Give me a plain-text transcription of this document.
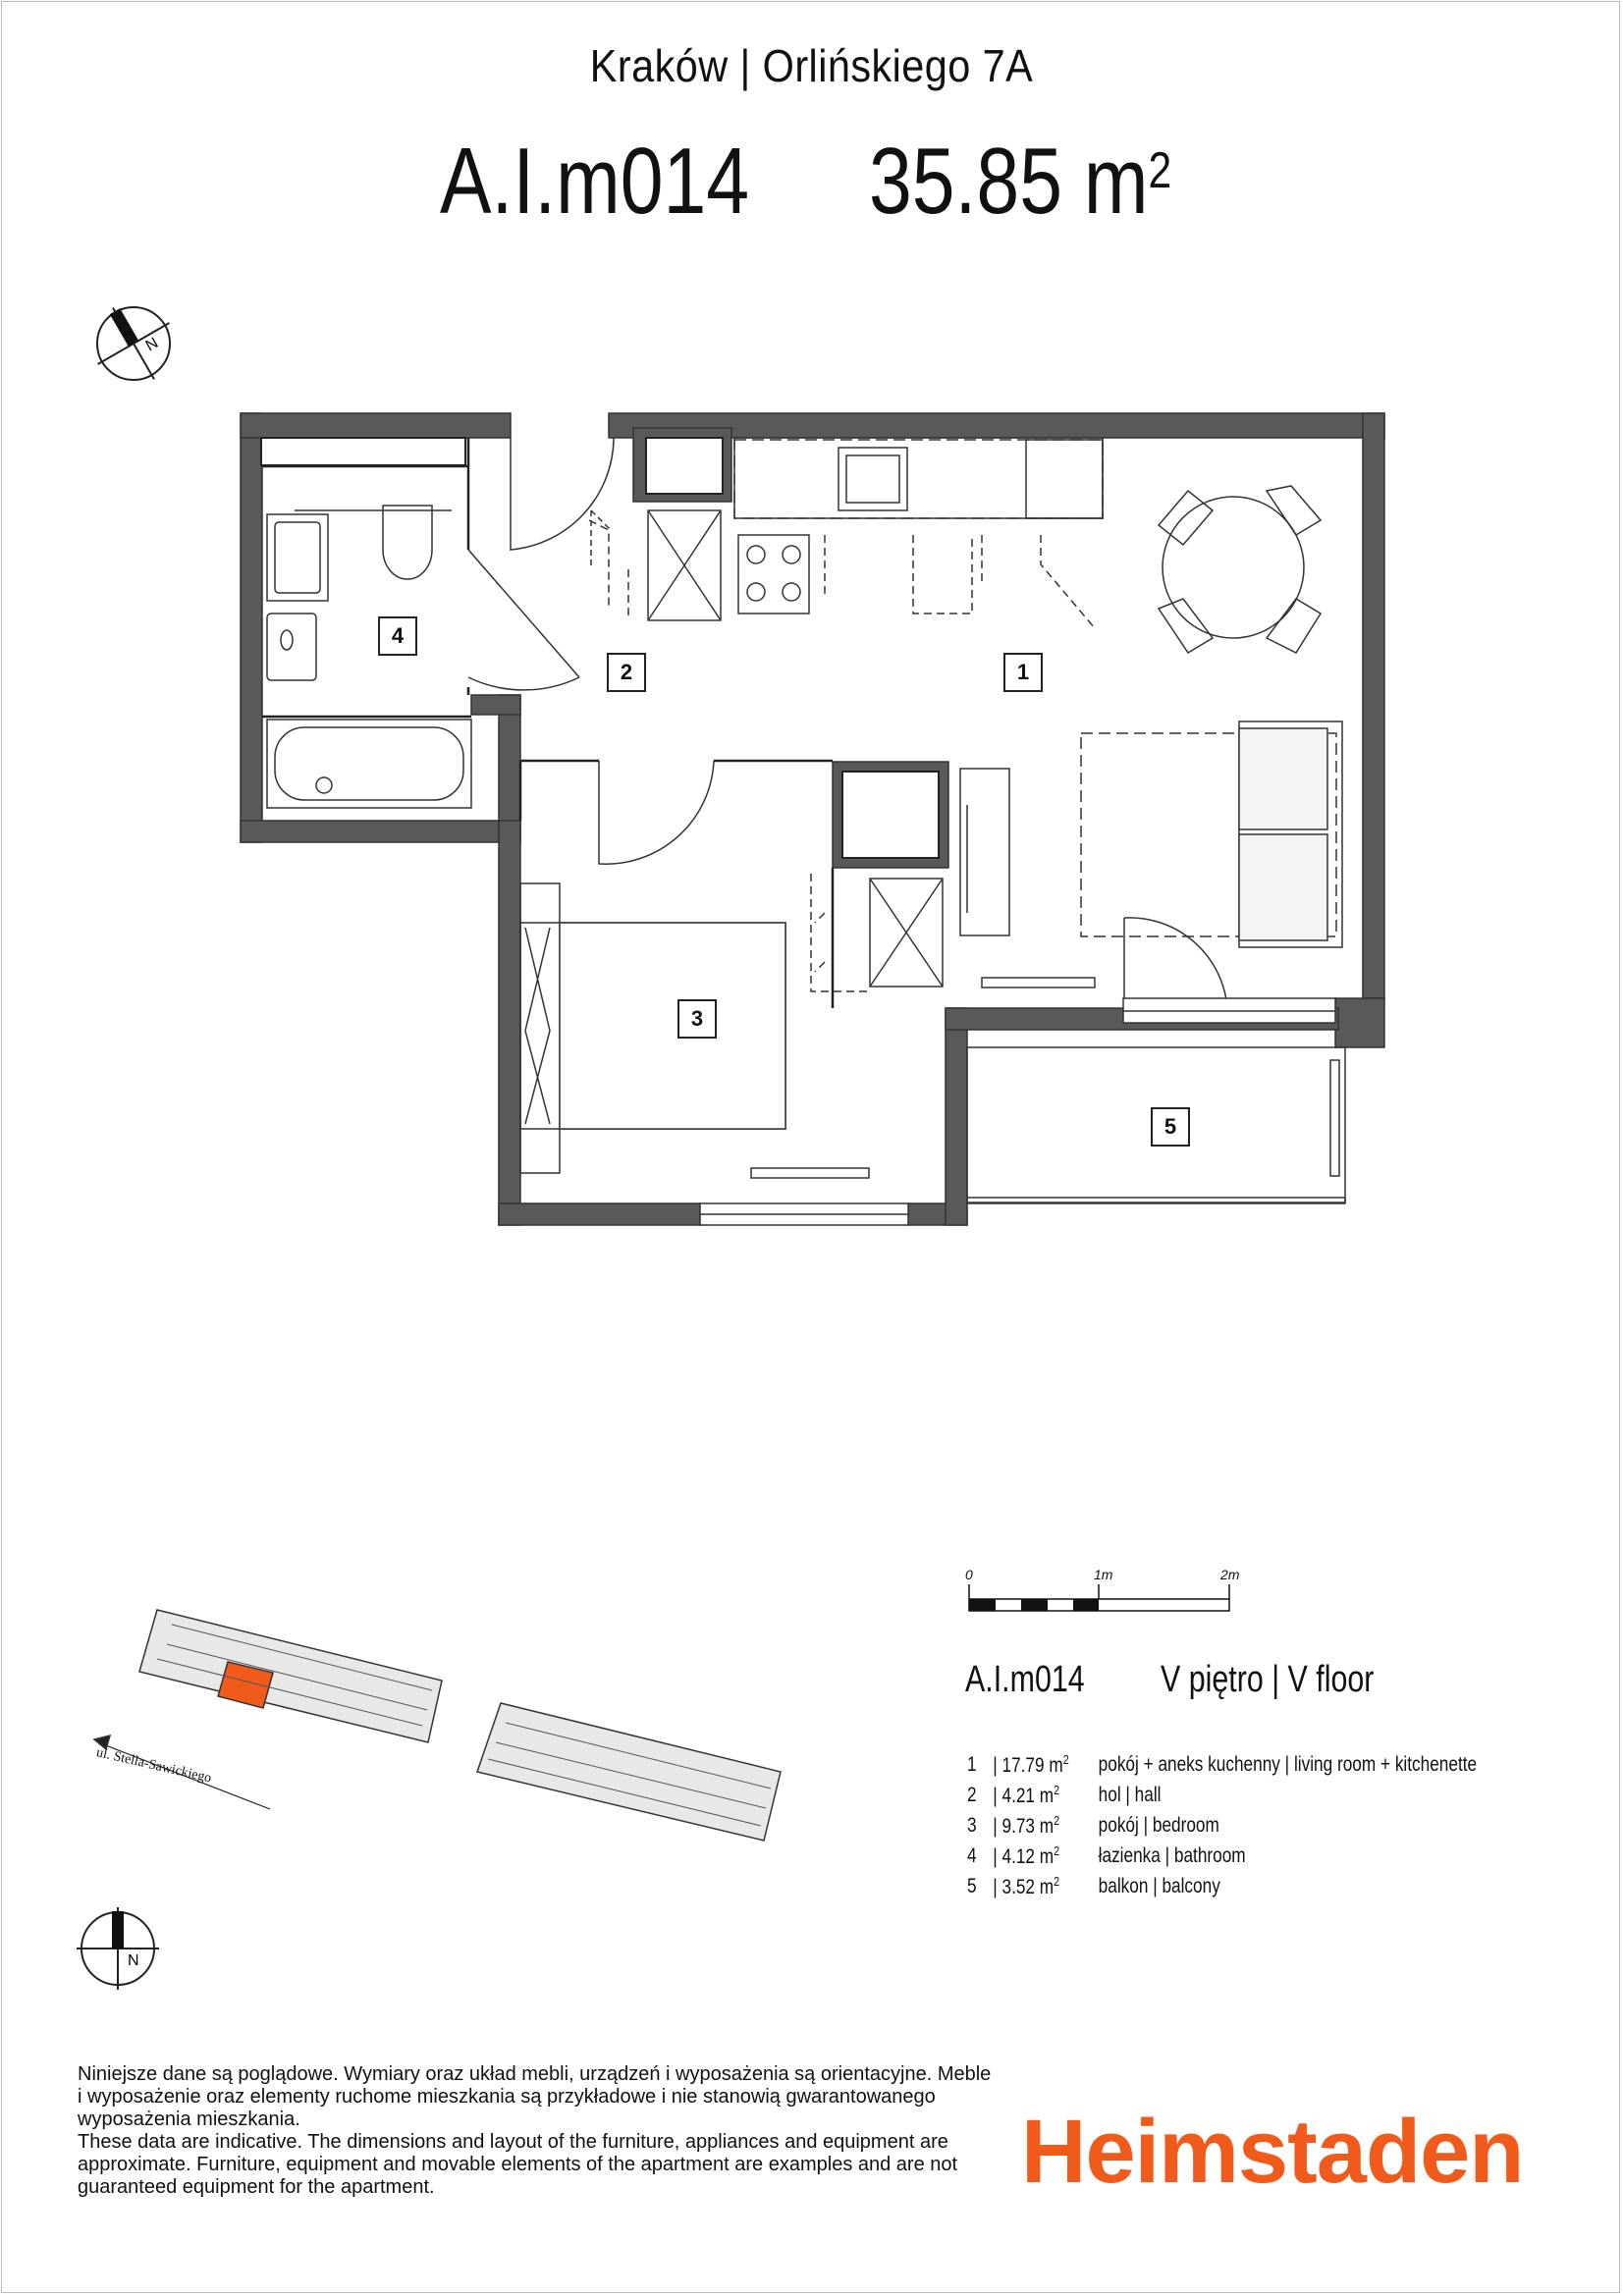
Kraków | Orlińskiego 7A
A.I.m014 35.85 $m^2$
N
N
1
2
3
4
5
0	1m	2m
ul. Stella-Sawickiego
A.I.m014 V piętro | V floor
1 | 17.79 $m^2$	pokój + aneks kuchenny | living room + kitchenette
2 | 4.21 $m^2$	hol | hall
3 | 9.73 $m^2$	pokój | bedroom
4 | 4.12 $m^2$	łazienka | bathroom
5 | 3.52 $m^2$	balkon | balcony
Niniejsze dane są poglądowe. Wymiary oraz układ mebli, urządzeń i wyposażenia są orientacyjne. Meble i wyposażenie oraz elementy ruchome mieszkania są przykładowe i nie stanowią gwarantowanego wyposażenia mieszkania.
These data are indicative. The dimensions and layout of the furniture, appliances and equipment are approximate. Furniture, equipment and movable elements of the apartment are examples and are not guaranteed equipment for the apartment.	Heimstaden
